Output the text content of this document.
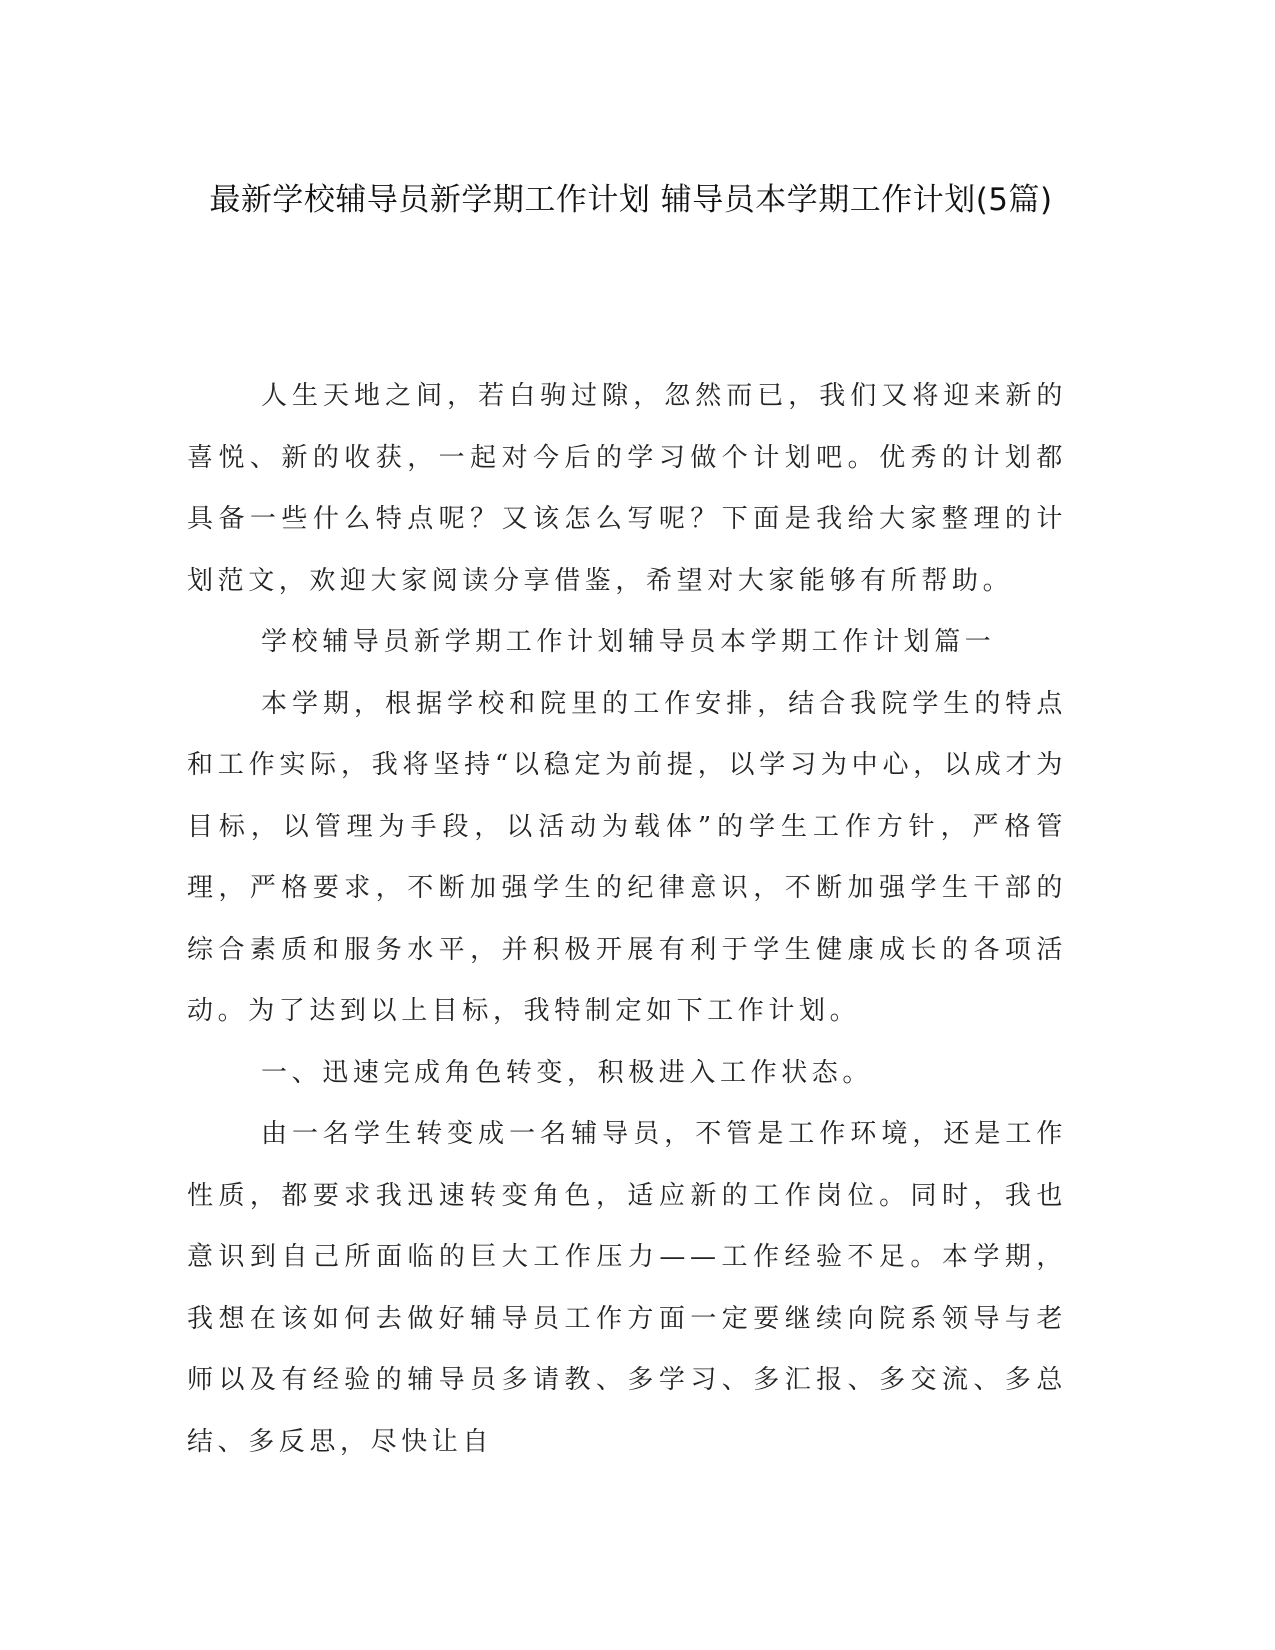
最新学校辅导员新学期工作计划 辅导员本学期工作计划(5篇)

人生天地之间，若白驹过隙，忽然而已，我们又将迎来新的喜悦、新的收获，一起对今后的学习做个计划吧。优秀的计划都具备一些什么特点呢？又该怎么写呢？下面是我给大家整理的计划范文，欢迎大家阅读分享借鉴，希望对大家能够有所帮助。

学校辅导员新学期工作计划辅导员本学期工作计划篇一

本学期，根据学校和院里的工作安排，结合我院学生的特点和工作实际，我将坚持“以稳定为前提，以学习为中心，以成才为目标，以管理为手段，以活动为载体”的学生工作方针，严格管理，严格要求，不断加强学生的纪律意识，不断加强学生干部的综合素质和服务水平，并积极开展有利于学生健康成长的各项活动。为了达到以上目标，我特制定如下工作计划。

一、迅速完成角色转变，积极进入工作状态。

由一名学生转变成一名辅导员，不管是工作环境，还是工作性质，都要求我迅速转变角色，适应新的工作岗位。同时，我也意识到自己所面临的巨大工作压力——工作经验不足。本学期，我想在该如何去做好辅导员工作方面一定要继续向院系领导与老师以及有经验的辅导员多请教、多学习、多汇报、多交流、多总结、多反思，尽快让自
